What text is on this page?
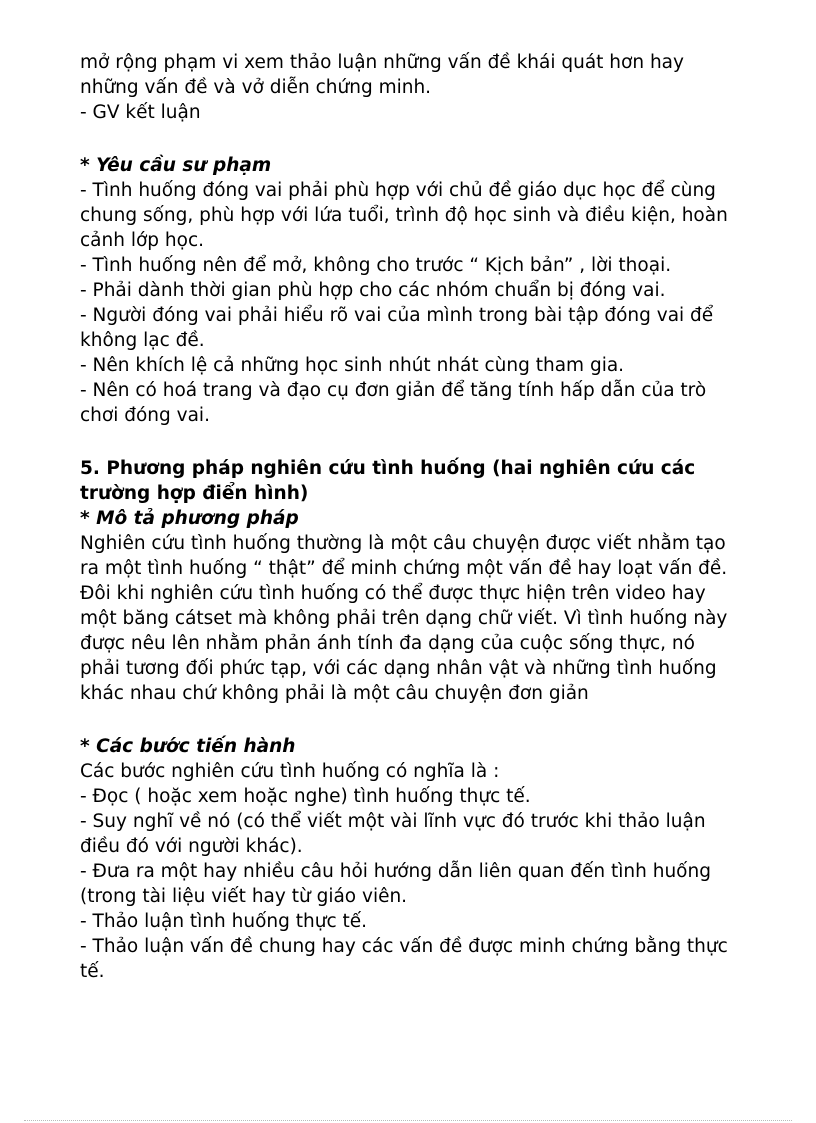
mở rộng phạm vi xem thảo luận những vấn đề khái quát hơn hay
những vấn đề và vở diễn chứng minh.
- GV kết luận
* Yêu cầu sư phạm
- Tình huống đóng vai phải phù hợp với chủ đề giáo dục học để cùng
chung sống, phù hợp với lứa tuổi, trình độ học sinh và điều kiện, hoàn
cảnh lớp học.
- Tình huống nên để mở, không cho trước “ Kịch bản” , lời thoại.
- Phải dành thời gian phù hợp cho các nhóm chuẩn bị đóng vai.
- Người đóng vai phải hiểu rõ vai của mình trong bài tập đóng vai để
không lạc đề.
- Nên khích lệ cả những học sinh nhút nhát cùng tham gia.
- Nên có hoá trang và đạo cụ đơn giản để tăng tính hấp dẫn của trò
chơi đóng vai.
5. Phương pháp nghiên cứu tình huống (hai nghiên cứu các
trường hợp điển hình)
* Mô tả phương pháp
Nghiên cứu tình huống thường là một câu chuyện được viết nhằm tạo
ra một tình huống “ thật” để minh chứng một vấn đề hay loạt vấn đề.
Đôi khi nghiên cứu tình huống có thể được thực hiện trên video hay
một băng cátset mà không phải trên dạng chữ viết. Vì tình huống này
được nêu lên nhằm phản ánh tính đa dạng của cuộc sống thực, nó
phải tương đối phức tạp, với các dạng nhân vật và những tình huống
khác nhau chứ không phải là một câu chuyện đơn giản
* Các bước tiến hành
Các bước nghiên cứu tình huống có nghĩa là :
- Đọc ( hoặc xem hoặc nghe) tình huống thực tế.
- Suy nghĩ về nó (có thể viết một vài lĩnh vực đó trước khi thảo luận
điều đó với người khác).
- Đưa ra một hay nhiều câu hỏi hướng dẫn liên quan đến tình huống
(trong tài liệu viết hay từ giáo viên.
- Thảo luận tình huống thực tế.
- Thảo luận vấn đề chung hay các vấn đề được minh chứng bằng thực
tế.
